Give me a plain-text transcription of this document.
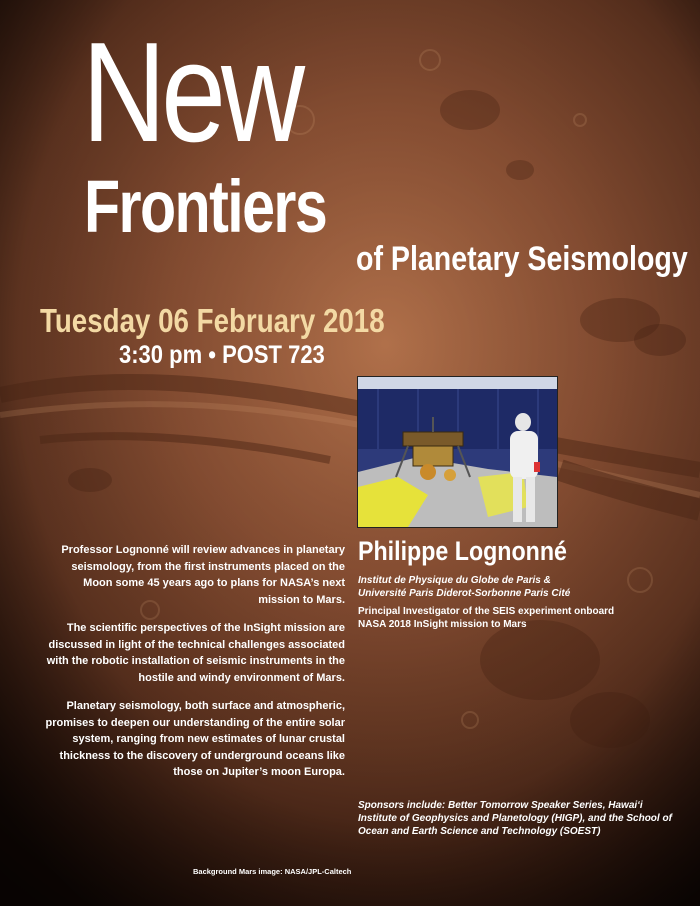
New
Frontiers
of Planetary Seismology
Tuesday 06 February 2018
3:30 pm • POST 723
Philippe Lognonné
Institut de Physique du Globe de Paris &
Université Paris Diderot-Sorbonne Paris Cité
Principal Investigator of the SEIS experiment onboard
NASA 2018 InSight mission to Mars

Professor Lognonné will review advances in planetary seismology, from the first instruments placed on the Moon some 45 years ago to plans for NASA’s next mission to Mars.

The scientific perspectives of the InSight mission are discussed in light of the technical challenges associated with the robotic installation of seismic instruments in the hostile and windy environment of Mars.

Planetary seismology, both surface and atmospheric, promises to deepen our understanding of the entire solar system, ranging from new estimates of lunar crustal thickness to the discovery of underground oceans like those on Jupiter’s moon Europa.

Sponsors include: Better Tomorrow Speaker Series, Hawai‘i Institute of Geophysics and Planetology (HIGP), and the School of Ocean and Earth Science and Technology (SOEST)

Background Mars image: NASA/JPL-Caltech
